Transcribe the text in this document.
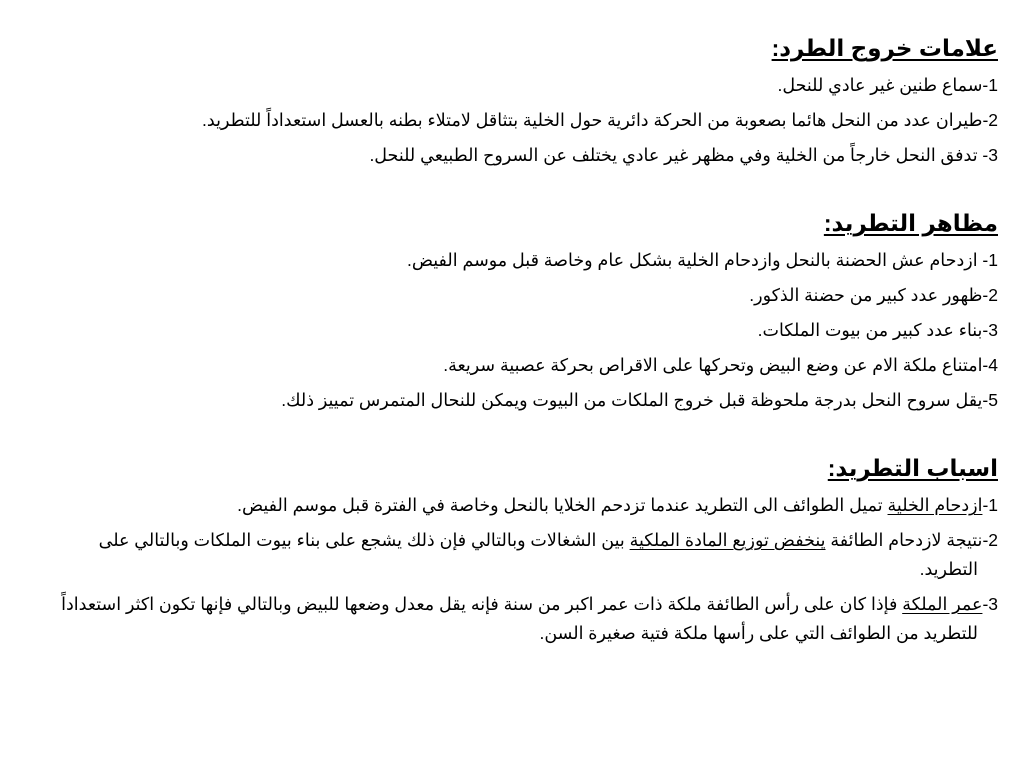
علامات خروج الطرد:
1-سماع طنين غير عادي للنحل.
2-طيران عدد من النحل هائما بصعوبة من الحركة دائرية حول الخلية بتثاقل لامتلاء بطنه بالعسل استعداداً للتطريد.
3- تدفق النحل خارجاً من الخلية وفي مظهر غير عادي يختلف عن السروح الطبيعي للنحل.
مظاهر التطريد:
1- ازدحام عش الحضنة بالنحل وازدحام الخلية بشكل عام وخاصة قبل موسم الفيض.
2-ظهور عدد كبير من حضنة الذكور.
3-بناء عدد كبير من بيوت الملكات.
4-امتناع ملكة الام عن وضع البيض وتحركها على الاقراص بحركة عصبية سريعة.
5-يقل سروح النحل بدرجة ملحوظة قبل خروج الملكات من البيوت ويمكن للنحال المتمرس تمييز ذلك.
اسباب التطريد:
1-ازدحام الخلية تميل الطوائف الى التطريد عندما تزدحم الخلايا بالنحل وخاصة في الفترة قبل موسم الفيض.
2-نتيجة لازدحام الطائفة ينخفض توزيع المادة الملكية بين الشغالات وبالتالي فإن ذلك يشجع على بناء بيوت الملكات وبالتالي على التطريد.
3-عمر الملكة فإذا كان على رأس الطائفة ملكة ذات عمر اكبر من سنة فإنه يقل معدل وضعها للبيض وبالتالي فإنها تكون اكثر استعداداً للتطريد من الطوائف التي على رأسها ملكة فتية صغيرة السن.
